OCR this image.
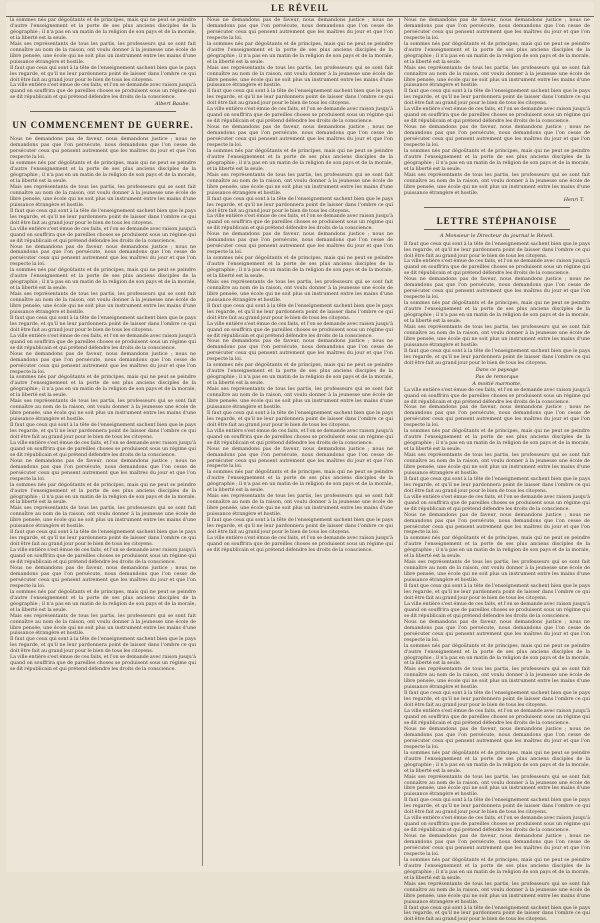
LE RÉVEIL

la sommes nés par dégoûtants et de principes, mais qui ne peut se peindre d'autre l'enseignement et la porte de ses plus anciens disciples de la géographie ; il n'a pas en un matin de la religion de son pays et de la morale, et la liberté est la seule.

Mais ses représentants de tous les partis, les professeurs qui se sont fait connaître au nom de la raison, ont voulu donner à la jeunesse une école de libre pensée, une école qui ne soit plus un instrument entre les mains d'une puissance étrangère et hostile.

Il faut que ceux qui sont à la tête de l'enseignement sachent bien que le pays les regarde, et qu'il ne leur pardonnera point de laisser dans l'ombre ce qui doit être fait au grand jour pour le bien de tous les citoyens.

La ville entière s'est émue de ces faits, et l'on se demande avec raison jusqu'à quand on souffrira que de pareilles choses se produisent sous un régime qui se dit républicain et qui prétend défendre les droits de la conscience.

Albert Baube.
UN COMMENCEMENT DE GUERRE.

Nous ne demandons pas de faveur, nous demandons justice ; nous ne demandons pas que l'on persécute, nous demandons que l'on cesse de persécuter ceux qui pensent autrement que les maîtres du jour et que l'on respecte la loi.

la sommes nés par dégoûtants et de principes, mais qui ne peut se peindre d'autre l'enseignement et la porte de ses plus anciens disciples de la géographie ; il n'a pas en un matin de la religion de son pays et de la morale, et la liberté est la seule.

Mais ses représentants de tous les partis, les professeurs qui se sont fait connaître au nom de la raison, ont voulu donner à la jeunesse une école de libre pensée, une école qui ne soit plus un instrument entre les mains d'une puissance étrangère et hostile.

Il faut que ceux qui sont à la tête de l'enseignement sachent bien que le pays les regarde, et qu'il ne leur pardonnera point de laisser dans l'ombre ce qui doit être fait au grand jour pour le bien de tous les citoyens.

La ville entière s'est émue de ces faits, et l'on se demande avec raison jusqu'à quand on souffrira que de pareilles choses se produisent sous un régime qui se dit républicain et qui prétend défendre les droits de la conscience.

Nous ne demandons pas de faveur, nous demandons justice ; nous ne demandons pas que l'on persécute, nous demandons que l'on cesse de persécuter ceux qui pensent autrement que les maîtres du jour et que l'on respecte la loi.

la sommes nés par dégoûtants et de principes, mais qui ne peut se peindre d'autre l'enseignement et la porte de ses plus anciens disciples de la géographie ; il n'a pas en un matin de la religion de son pays et de la morale, et la liberté est la seule.

Mais ses représentants de tous les partis, les professeurs qui se sont fait connaître au nom de la raison, ont voulu donner à la jeunesse une école de libre pensée, une école qui ne soit plus un instrument entre les mains d'une puissance étrangère et hostile.

Il faut que ceux qui sont à la tête de l'enseignement sachent bien que le pays les regarde, et qu'il ne leur pardonnera point de laisser dans l'ombre ce qui doit être fait au grand jour pour le bien de tous les citoyens.

La ville entière s'est émue de ces faits, et l'on se demande avec raison jusqu'à quand on souffrira que de pareilles choses se produisent sous un régime qui se dit républicain et qui prétend défendre les droits de la conscience.

Nous ne demandons pas de faveur, nous demandons justice ; nous ne demandons pas que l'on persécute, nous demandons que l'on cesse de persécuter ceux qui pensent autrement que les maîtres du jour et que l'on respecte la loi.

la sommes nés par dégoûtants et de principes, mais qui ne peut se peindre d'autre l'enseignement et la porte de ses plus anciens disciples de la géographie ; il n'a pas en un matin de la religion de son pays et de la morale, et la liberté est la seule.

Mais ses représentants de tous les partis, les professeurs qui se sont fait connaître au nom de la raison, ont voulu donner à la jeunesse une école de libre pensée, une école qui ne soit plus un instrument entre les mains d'une puissance étrangère et hostile.

Il faut que ceux qui sont à la tête de l'enseignement sachent bien que le pays les regarde, et qu'il ne leur pardonnera point de laisser dans l'ombre ce qui doit être fait au grand jour pour le bien de tous les citoyens.

La ville entière s'est émue de ces faits, et l'on se demande avec raison jusqu'à quand on souffrira que de pareilles choses se produisent sous un régime qui se dit républicain et qui prétend défendre les droits de la conscience.

Nous ne demandons pas de faveur, nous demandons justice ; nous ne demandons pas que l'on persécute, nous demandons que l'on cesse de persécuter ceux qui pensent autrement que les maîtres du jour et que l'on respecte la loi.

la sommes nés par dégoûtants et de principes, mais qui ne peut se peindre d'autre l'enseignement et la porte de ses plus anciens disciples de la géographie ; il n'a pas en un matin de la religion de son pays et de la morale, et la liberté est la seule.

Mais ses représentants de tous les partis, les professeurs qui se sont fait connaître au nom de la raison, ont voulu donner à la jeunesse une école de libre pensée, une école qui ne soit plus un instrument entre les mains d'une puissance étrangère et hostile.

Il faut que ceux qui sont à la tête de l'enseignement sachent bien que le pays les regarde, et qu'il ne leur pardonnera point de laisser dans l'ombre ce qui doit être fait au grand jour pour le bien de tous les citoyens.

La ville entière s'est émue de ces faits, et l'on se demande avec raison jusqu'à quand on souffrira que de pareilles choses se produisent sous un régime qui se dit républicain et qui prétend défendre les droits de la conscience.

Nous ne demandons pas de faveur, nous demandons justice ; nous ne demandons pas que l'on persécute, nous demandons que l'on cesse de persécuter ceux qui pensent autrement que les maîtres du jour et que l'on respecte la loi.

la sommes nés par dégoûtants et de principes, mais qui ne peut se peindre d'autre l'enseignement et la porte de ses plus anciens disciples de la géographie ; il n'a pas en un matin de la religion de son pays et de la morale, et la liberté est la seule.

Mais ses représentants de tous les partis, les professeurs qui se sont fait connaître au nom de la raison, ont voulu donner à la jeunesse une école de libre pensée, une école qui ne soit plus un instrument entre les mains d'une puissance étrangère et hostile.

Il faut que ceux qui sont à la tête de l'enseignement sachent bien que le pays les regarde, et qu'il ne leur pardonnera point de laisser dans l'ombre ce qui doit être fait au grand jour pour le bien de tous les citoyens.

La ville entière s'est émue de ces faits, et l'on se demande avec raison jusqu'à quand on souffrira que de pareilles choses se produisent sous un régime qui se dit républicain et qui prétend défendre les droits de la conscience.

Nous ne demandons pas de faveur, nous demandons justice ; nous ne demandons pas que l'on persécute, nous demandons que l'on cesse de persécuter ceux qui pensent autrement que les maîtres du jour et que l'on respecte la loi.

la sommes nés par dégoûtants et de principes, mais qui ne peut se peindre d'autre l'enseignement et la porte de ses plus anciens disciples de la géographie ; il n'a pas en un matin de la religion de son pays et de la morale, et la liberté est la seule.

Mais ses représentants de tous les partis, les professeurs qui se sont fait connaître au nom de la raison, ont voulu donner à la jeunesse une école de libre pensée, une école qui ne soit plus un instrument entre les mains d'une puissance étrangère et hostile.

Il faut que ceux qui sont à la tête de l'enseignement sachent bien que le pays les regarde, et qu'il ne leur pardonnera point de laisser dans l'ombre ce qui doit être fait au grand jour pour le bien de tous les citoyens.

La ville entière s'est émue de ces faits, et l'on se demande avec raison jusqu'à quand on souffrira que de pareilles choses se produisent sous un régime qui se dit républicain et qui prétend défendre les droits de la conscience.

Nous ne demandons pas de faveur, nous demandons justice ; nous ne demandons pas que l'on persécute, nous demandons que l'on cesse de persécuter ceux qui pensent autrement que les maîtres du jour et que l'on respecte la loi.

la sommes nés par dégoûtants et de principes, mais qui ne peut se peindre d'autre l'enseignement et la porte de ses plus anciens disciples de la géographie ; il n'a pas en un matin de la religion de son pays et de la morale, et la liberté est la seule.

Mais ses représentants de tous les partis, les professeurs qui se sont fait connaître au nom de la raison, ont voulu donner à la jeunesse une école de libre pensée, une école qui ne soit plus un instrument entre les mains d'une puissance étrangère et hostile.

Il faut que ceux qui sont à la tête de l'enseignement sachent bien que le pays les regarde, et qu'il ne leur pardonnera point de laisser dans l'ombre ce qui doit être fait au grand jour pour le bien de tous les citoyens.

La ville entière s'est émue de ces faits, et l'on se demande avec raison jusqu'à quand on souffrira que de pareilles choses se produisent sous un régime qui se dit républicain et qui prétend défendre les droits de la conscience.

Nous ne demandons pas de faveur, nous demandons justice ; nous ne demandons pas que l'on persécute, nous demandons que l'on cesse de persécuter ceux qui pensent autrement que les maîtres du jour et que l'on respecte la loi.

la sommes nés par dégoûtants et de principes, mais qui ne peut se peindre d'autre l'enseignement et la porte de ses plus anciens disciples de la géographie ; il n'a pas en un matin de la religion de son pays et de la morale, et la liberté est la seule.

Mais ses représentants de tous les partis, les professeurs qui se sont fait connaître au nom de la raison, ont voulu donner à la jeunesse une école de libre pensée, une école qui ne soit plus un instrument entre les mains d'une puissance étrangère et hostile.

Il faut que ceux qui sont à la tête de l'enseignement sachent bien que le pays les regarde, et qu'il ne leur pardonnera point de laisser dans l'ombre ce qui doit être fait au grand jour pour le bien de tous les citoyens.

La ville entière s'est émue de ces faits, et l'on se demande avec raison jusqu'à quand on souffrira que de pareilles choses se produisent sous un régime qui se dit républicain et qui prétend défendre les droits de la conscience.

Nous ne demandons pas de faveur, nous demandons justice ; nous ne demandons pas que l'on persécute, nous demandons que l'on cesse de persécuter ceux qui pensent autrement que les maîtres du jour et que l'on respecte la loi.

la sommes nés par dégoûtants et de principes, mais qui ne peut se peindre d'autre l'enseignement et la porte de ses plus anciens disciples de la géographie ; il n'a pas en un matin de la religion de son pays et de la morale, et la liberté est la seule.

Mais ses représentants de tous les partis, les professeurs qui se sont fait connaître au nom de la raison, ont voulu donner à la jeunesse une école de libre pensée, une école qui ne soit plus un instrument entre les mains d'une puissance étrangère et hostile.

Il faut que ceux qui sont à la tête de l'enseignement sachent bien que le pays les regarde, et qu'il ne leur pardonnera point de laisser dans l'ombre ce qui doit être fait au grand jour pour le bien de tous les citoyens.

La ville entière s'est émue de ces faits, et l'on se demande avec raison jusqu'à quand on souffrira que de pareilles choses se produisent sous un régime qui se dit républicain et qui prétend défendre les droits de la conscience.

Nous ne demandons pas de faveur, nous demandons justice ; nous ne demandons pas que l'on persécute, nous demandons que l'on cesse de persécuter ceux qui pensent autrement que les maîtres du jour et que l'on respecte la loi.

la sommes nés par dégoûtants et de principes, mais qui ne peut se peindre d'autre l'enseignement et la porte de ses plus anciens disciples de la géographie ; il n'a pas en un matin de la religion de son pays et de la morale, et la liberté est la seule.

Mais ses représentants de tous les partis, les professeurs qui se sont fait connaître au nom de la raison, ont voulu donner à la jeunesse une école de libre pensée, une école qui ne soit plus un instrument entre les mains d'une puissance étrangère et hostile.

Il faut que ceux qui sont à la tête de l'enseignement sachent bien que le pays les regarde, et qu'il ne leur pardonnera point de laisser dans l'ombre ce qui doit être fait au grand jour pour le bien de tous les citoyens.

La ville entière s'est émue de ces faits, et l'on se demande avec raison jusqu'à quand on souffrira que de pareilles choses se produisent sous un régime qui se dit républicain et qui prétend défendre les droits de la conscience.

Nous ne demandons pas de faveur, nous demandons justice ; nous ne demandons pas que l'on persécute, nous demandons que l'on cesse de persécuter ceux qui pensent autrement que les maîtres du jour et que l'on respecte la loi.

la sommes nés par dégoûtants et de principes, mais qui ne peut se peindre d'autre l'enseignement et la porte de ses plus anciens disciples de la géographie ; il n'a pas en un matin de la religion de son pays et de la morale, et la liberté est la seule.

Mais ses représentants de tous les partis, les professeurs qui se sont fait connaître au nom de la raison, ont voulu donner à la jeunesse une école de libre pensée, une école qui ne soit plus un instrument entre les mains d'une puissance étrangère et hostile.

Il faut que ceux qui sont à la tête de l'enseignement sachent bien que le pays les regarde, et qu'il ne leur pardonnera point de laisser dans l'ombre ce qui doit être fait au grand jour pour le bien de tous les citoyens.

La ville entière s'est émue de ces faits, et l'on se demande avec raison jusqu'à quand on souffrira que de pareilles choses se produisent sous un régime qui se dit républicain et qui prétend défendre les droits de la conscience.

Nous ne demandons pas de faveur, nous demandons justice ; nous ne demandons pas que l'on persécute, nous demandons que l'on cesse de persécuter ceux qui pensent autrement que les maîtres du jour et que l'on respecte la loi.

la sommes nés par dégoûtants et de principes, mais qui ne peut se peindre d'autre l'enseignement et la porte de ses plus anciens disciples de la géographie ; il n'a pas en un matin de la religion de son pays et de la morale, et la liberté est la seule.

Mais ses représentants de tous les partis, les professeurs qui se sont fait connaître au nom de la raison, ont voulu donner à la jeunesse une école de libre pensée, une école qui ne soit plus un instrument entre les mains d'une puissance étrangère et hostile.

Henri T.
LETTRE STÉPHANOISE
A Monsieur le Directeur du journal le Réveil.

Il faut que ceux qui sont à la tête de l'enseignement sachent bien que le pays les regarde, et qu'il ne leur pardonnera point de laisser dans l'ombre ce qui doit être fait au grand jour pour le bien de tous les citoyens.

La ville entière s'est émue de ces faits, et l'on se demande avec raison jusqu'à quand on souffrira que de pareilles choses se produisent sous un régime qui se dit républicain et qui prétend défendre les droits de la conscience.

Nous ne demandons pas de faveur, nous demandons justice ; nous ne demandons pas que l'on persécute, nous demandons que l'on cesse de persécuter ceux qui pensent autrement que les maîtres du jour et que l'on respecte la loi.

la sommes nés par dégoûtants et de principes, mais qui ne peut se peindre d'autre l'enseignement et la porte de ses plus anciens disciples de la géographie ; il n'a pas en un matin de la religion de son pays et de la morale, et la liberté est la seule.

Mais ses représentants de tous les partis, les professeurs qui se sont fait connaître au nom de la raison, ont voulu donner à la jeunesse une école de libre pensée, une école qui ne soit plus un instrument entre les mains d'une puissance étrangère et hostile.

Il faut que ceux qui sont à la tête de l'enseignement sachent bien que le pays les regarde, et qu'il ne leur pardonnera point de laisser dans l'ombre ce qui doit être fait au grand jour pour le bien de tous les citoyens.

Dans ce paysage
Pas de remorque
A moitié marmotte,

La ville entière s'est émue de ces faits, et l'on se demande avec raison jusqu'à quand on souffrira que de pareilles choses se produisent sous un régime qui se dit républicain et qui prétend défendre les droits de la conscience.

Nous ne demandons pas de faveur, nous demandons justice ; nous ne demandons pas que l'on persécute, nous demandons que l'on cesse de persécuter ceux qui pensent autrement que les maîtres du jour et que l'on respecte la loi.

la sommes nés par dégoûtants et de principes, mais qui ne peut se peindre d'autre l'enseignement et la porte de ses plus anciens disciples de la géographie ; il n'a pas en un matin de la religion de son pays et de la morale, et la liberté est la seule.

Mais ses représentants de tous les partis, les professeurs qui se sont fait connaître au nom de la raison, ont voulu donner à la jeunesse une école de libre pensée, une école qui ne soit plus un instrument entre les mains d'une puissance étrangère et hostile.

Il faut que ceux qui sont à la tête de l'enseignement sachent bien que le pays les regarde, et qu'il ne leur pardonnera point de laisser dans l'ombre ce qui doit être fait au grand jour pour le bien de tous les citoyens.

La ville entière s'est émue de ces faits, et l'on se demande avec raison jusqu'à quand on souffrira que de pareilles choses se produisent sous un régime qui se dit républicain et qui prétend défendre les droits de la conscience.

Nous ne demandons pas de faveur, nous demandons justice ; nous ne demandons pas que l'on persécute, nous demandons que l'on cesse de persécuter ceux qui pensent autrement que les maîtres du jour et que l'on respecte la loi.

la sommes nés par dégoûtants et de principes, mais qui ne peut se peindre d'autre l'enseignement et la porte de ses plus anciens disciples de la géographie ; il n'a pas en un matin de la religion de son pays et de la morale, et la liberté est la seule.

Mais ses représentants de tous les partis, les professeurs qui se sont fait connaître au nom de la raison, ont voulu donner à la jeunesse une école de libre pensée, une école qui ne soit plus un instrument entre les mains d'une puissance étrangère et hostile.

Il faut que ceux qui sont à la tête de l'enseignement sachent bien que le pays les regarde, et qu'il ne leur pardonnera point de laisser dans l'ombre ce qui doit être fait au grand jour pour le bien de tous les citoyens.

La ville entière s'est émue de ces faits, et l'on se demande avec raison jusqu'à quand on souffrira que de pareilles choses se produisent sous un régime qui se dit républicain et qui prétend défendre les droits de la conscience.

Nous ne demandons pas de faveur, nous demandons justice ; nous ne demandons pas que l'on persécute, nous demandons que l'on cesse de persécuter ceux qui pensent autrement que les maîtres du jour et que l'on respecte la loi.

la sommes nés par dégoûtants et de principes, mais qui ne peut se peindre d'autre l'enseignement et la porte de ses plus anciens disciples de la géographie ; il n'a pas en un matin de la religion de son pays et de la morale, et la liberté est la seule.

Mais ses représentants de tous les partis, les professeurs qui se sont fait connaître au nom de la raison, ont voulu donner à la jeunesse une école de libre pensée, une école qui ne soit plus un instrument entre les mains d'une puissance étrangère et hostile.

Il faut que ceux qui sont à la tête de l'enseignement sachent bien que le pays les regarde, et qu'il ne leur pardonnera point de laisser dans l'ombre ce qui doit être fait au grand jour pour le bien de tous les citoyens.

La ville entière s'est émue de ces faits, et l'on se demande avec raison jusqu'à quand on souffrira que de pareilles choses se produisent sous un régime qui se dit républicain et qui prétend défendre les droits de la conscience.

Nous ne demandons pas de faveur, nous demandons justice ; nous ne demandons pas que l'on persécute, nous demandons que l'on cesse de persécuter ceux qui pensent autrement que les maîtres du jour et que l'on respecte la loi.

la sommes nés par dégoûtants et de principes, mais qui ne peut se peindre d'autre l'enseignement et la porte de ses plus anciens disciples de la géographie ; il n'a pas en un matin de la religion de son pays et de la morale, et la liberté est la seule.

Mais ses représentants de tous les partis, les professeurs qui se sont fait connaître au nom de la raison, ont voulu donner à la jeunesse une école de libre pensée, une école qui ne soit plus un instrument entre les mains d'une puissance étrangère et hostile.

Il faut que ceux qui sont à la tête de l'enseignement sachent bien que le pays les regarde, et qu'il ne leur pardonnera point de laisser dans l'ombre ce qui doit être fait au grand jour pour le bien de tous les citoyens.

La ville entière s'est émue de ces faits, et l'on se demande avec raison jusqu'à quand on souffrira que de pareilles choses se produisent sous un régime qui se dit républicain et qui prétend défendre les droits de la conscience.

Nous ne demandons pas de faveur, nous demandons justice ; nous ne demandons pas que l'on persécute, nous demandons que l'on cesse de persécuter ceux qui pensent autrement que les maîtres du jour et que l'on respecte la loi.

la sommes nés par dégoûtants et de principes, mais qui ne peut se peindre d'autre l'enseignement et la porte de ses plus anciens disciples de la géographie ; il n'a pas en un matin de la religion de son pays et de la morale, et la liberté est la seule.

Mais ses représentants de tous les partis, les professeurs qui se sont fait connaître au nom de la raison, ont voulu donner à la jeunesse une école de libre pensée, une école qui ne soit plus un instrument entre les mains d'une puissance étrangère et hostile.

Il faut que ceux qui sont à la tête de l'enseignement sachent bien que le pays les regarde, et qu'il ne leur pardonnera point de laisser dans l'ombre ce qui doit être fait au grand jour pour le bien de tous les citoyens.
